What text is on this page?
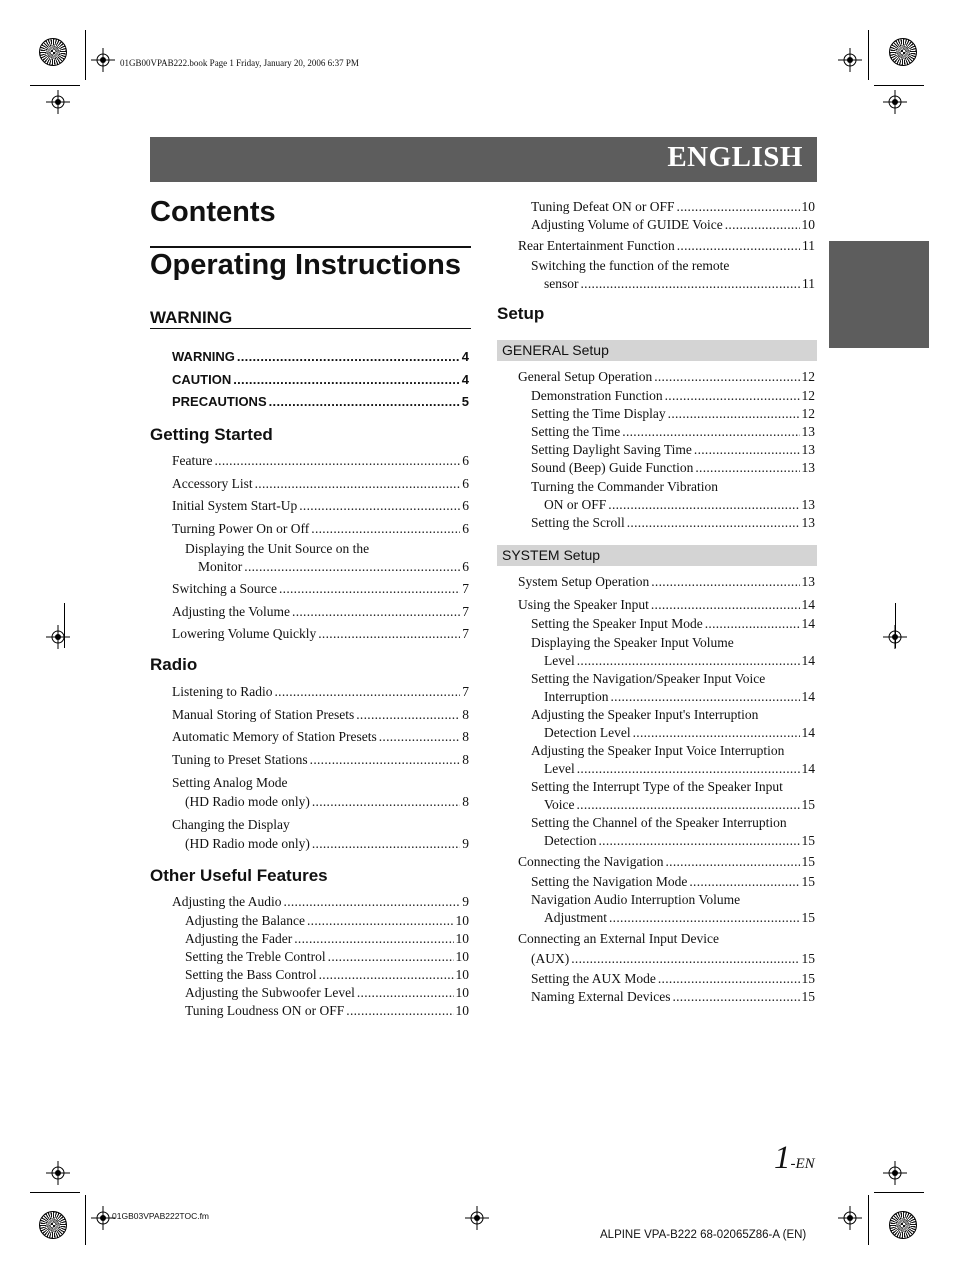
01GB00VPAB222.book Page 1 Friday, January 20, 2006 6:37 PM
01GB03VPAB222TOC.fm
ALPINE VPA-B222 68-02065Z86-A (EN)
ENGLISH
Contents
Operating Instructions
WARNING
WARNING .....	4
CAUTION .....	4
PRECAUTIONS .....	5
Getting Started
Feature .....	6
Accessory List .....	6
Initial System Start-Up .....	6
Turning Power On or Off .....	6
Displaying the Unit Source on the
Monitor .....	6
Switching a Source .....	7
Adjusting the Volume .....	7
Lowering Volume Quickly .....	7
Radio
Listening to Radio .....	7
Manual Storing of Station Presets .....	8
Automatic Memory of Station Presets .....	8
Tuning to Preset Stations .....	8
Setting Analog Mode
(HD Radio mode only) .....	8
Changing the Display
(HD Radio mode only) .....	9
Other Useful Features
Adjusting the Audio .....	9
Adjusting the Balance .....	10
Adjusting the Fader .....	10
Setting the Treble Control .....	10
Setting the Bass Control .....	10
Adjusting the Subwoofer Level .....	10
Tuning Loudness ON or OFF .....	10
Tuning Defeat ON or OFF .....	10
Adjusting Volume of GUIDE Voice .....	10
Rear Entertainment Function .....	11
Switching the function of the remote
sensor .....	11
Setup
GENERAL Setup
General Setup Operation .....	12
Demonstration Function .....	12
Setting the Time Display .....	12
Setting the Time .....	13
Setting Daylight Saving Time .....	13
Sound (Beep) Guide Function .....	13
Turning the Commander Vibration
ON or OFF .....	13
Setting the Scroll .....	13
SYSTEM Setup
System Setup Operation .....	13
Using the Speaker Input .....	14
Setting the Speaker Input Mode .....	14
Displaying the Speaker Input Volume
Level .....	14
Setting the Navigation/Speaker Input Voice
Interruption .....	14
Adjusting the Speaker Input's Interruption
Detection Level .....	14
Adjusting the Speaker Input Voice Interruption
Level .....	14
Setting the Interrupt Type of the Speaker Input
Voice .....	15
Setting the Channel of the Speaker Interruption
Detection .....	15
Connecting the Navigation .....	15
Setting the Navigation Mode .....	15
Navigation Audio Interruption Volume
Adjustment .....	15
Connecting an External Input Device
(AUX) .....	15
Setting the AUX Mode .....	15
Naming External Devices .....	15
1-EN
